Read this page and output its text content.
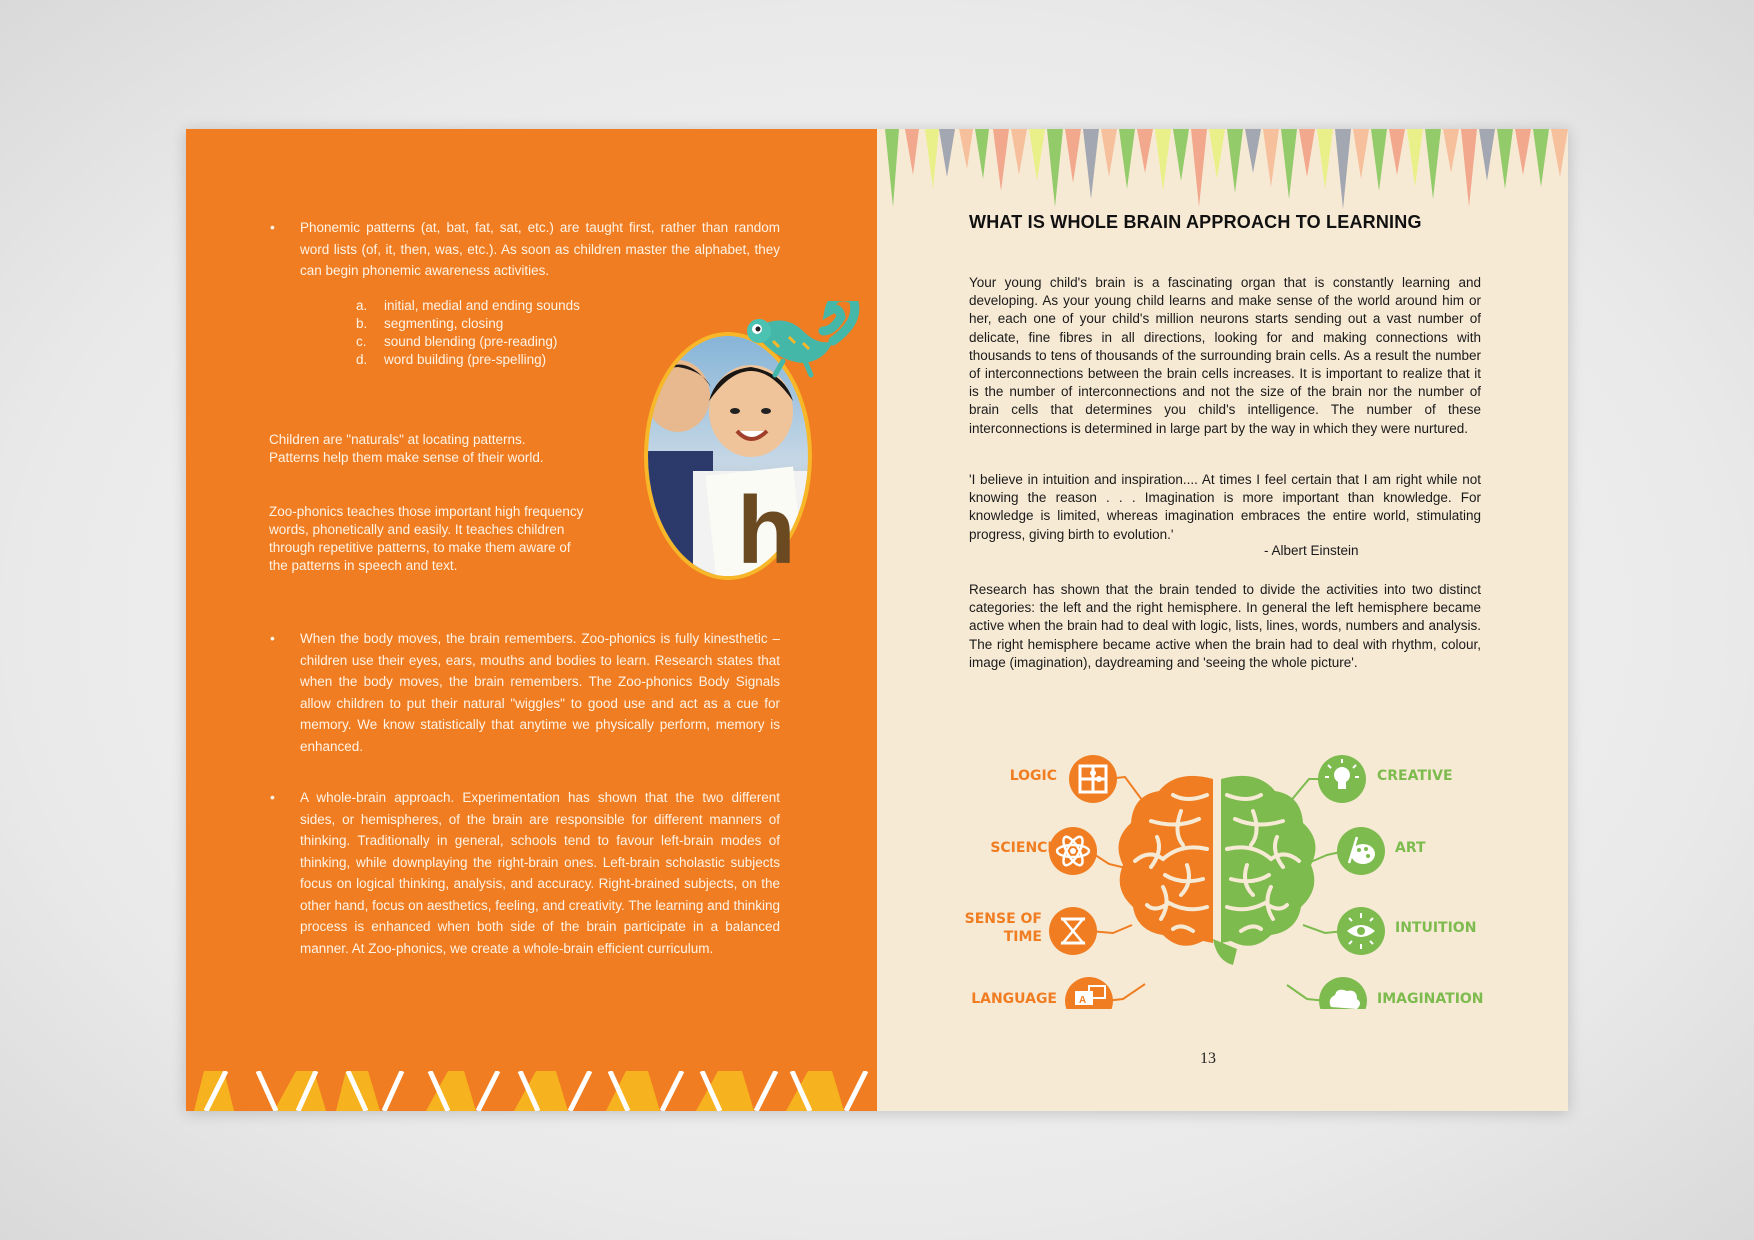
• Phonemic patterns (at, bat, fat, sat, etc.) are taught first, rather than random word lists (of, it, then, was, etc.). As soon as children master the alphabet, they can begin phonemic awareness activities.
a.	initial, medial and ending sounds
b.	segmenting, closing
c.	sound blending (pre-reading)
d.	word building (pre-spelling)
Children are "naturals" at locating patterns. Patterns help them make sense of their world.
Zoo-phonics teaches those important high frequency words, phonetically and easily. It teaches children through repetitive patterns, to make them aware of the patterns in speech and text.	h
• When the body moves, the brain remembers. Zoo-phonics is fully kinesthetic – children use their eyes, ears, mouths and bodies to learn. Research states that when the body moves, the brain remembers. The Zoo-phonics Body Signals allow children to put their natural "wiggles" to good use and act as a cue for memory. We know statistically that anytime we physically perform, memory is enhanced.
• A whole-brain approach. Experimentation has shown that the two different sides, or hemispheres, of the brain are responsible for different manners of thinking. Traditionally in general, schools tend to favour left-brain modes of thinking, while downplaying the right-brain ones. Left-brain scholastic subjects focus on logical thinking, analysis, and accuracy. Right-brained subjects, on the other hand, focus on aesthetics, feeling, and creativity. The learning and thinking process is enhanced when both side of the brain participate in a balanced manner. At Zoo-phonics, we create a whole-brain efficient curriculum.
WHAT IS WHOLE BRAIN APPROACH TO LEARNING
Your young child's brain is a fascinating organ that is constantly learning and developing. As your young child learns and make sense of the world around him or her, each one of your child's million neurons starts sending out a vast number of delicate, fine fibres in all directions, looking for and making connections with thousands to tens of thousands of the surrounding brain cells. As a result the number of interconnections between the brain cells increases. It is important to realize that it is the number of interconnections and not the size of the brain nor the number of brain cells that determines you child's intelligence. The number of these interconnections is determined in large part by the way in which they were nurtured.
'I believe in intuition and inspiration.... At times I feel certain that I am right while not knowing the reason . . . Imagination is more important than knowledge. For knowledge is limited, whereas imagination embraces the entire world, stimulating progress, giving birth to evolution.'
- Albert Einstein
Research has shown that the brain tended to divide the activities into two distinct categories: the left and the right hemisphere. In general the left hemisphere became active when the brain had to deal with logic, lists, lines, words, numbers and analysis. The right hemisphere became active when the brain had to deal with rhythm, colour, image (imagination), daydreaming and 'seeing the whole picture'.
A
LOGIC
SCIENCE
SENSE OF
TIME
LANGUAGE
CREATIVE
ART
INTUITION
IMAGINATION
13
